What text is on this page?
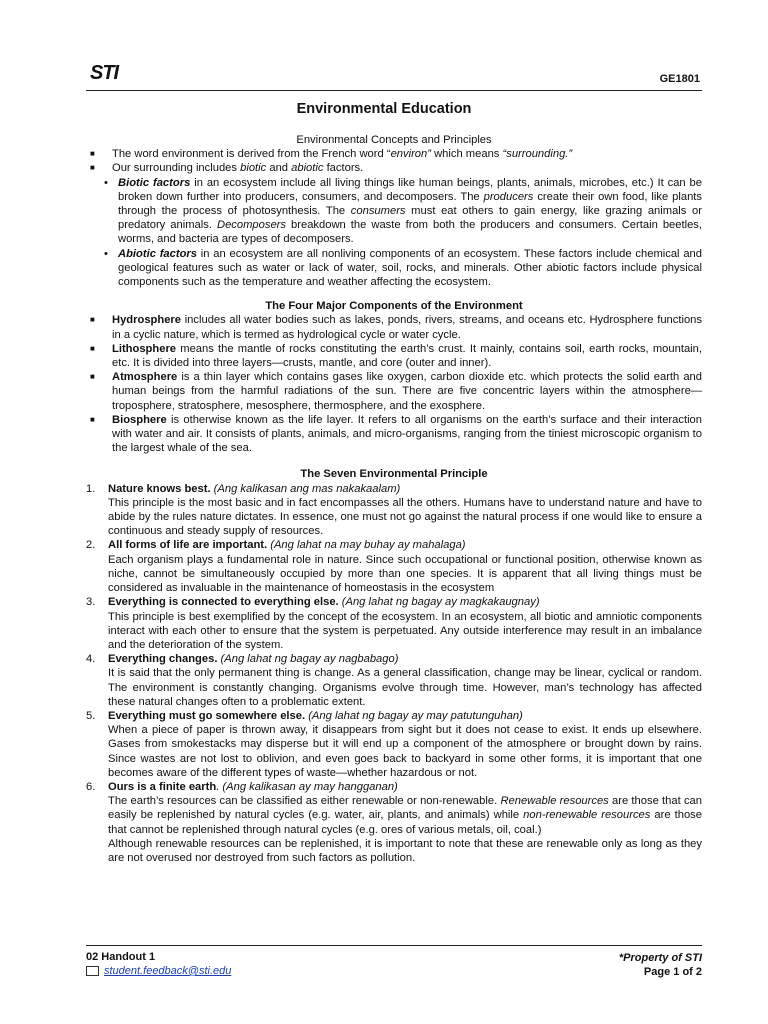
STI	GE1801
Environmental Education

Environmental Concepts and Principles

■	The word environment is derived from the French word “environ” which means “surrounding.”
■	Our surrounding includes biotic and abiotic factors.
• Biotic factors in an ecosystem include all living things like human beings, plants, animals, microbes, etc.) It can be broken down further into producers, consumers, and decomposers. The producers create their own food, like plants through the process of photosynthesis. The consumers must eat others to gain energy, like grazing animals or predatory animals. Decomposers breakdown the waste from both the producers and consumers. Certain beetles, worms, and bacteria are types of decomposers.
• Abiotic factors in an ecosystem are all nonliving components of an ecosystem. These factors include chemical and geological features such as water or lack of water, soil, rocks, and minerals. Other abiotic factors include physical components such as the temperature and weather affecting the ecosystem.

The Four Major Components of the Environment

■	Hydrosphere includes all water bodies such as lakes, ponds, rivers, streams, and oceans etc. Hydrosphere functions in a cyclic nature, which is termed as hydrological cycle or water cycle.
■	Lithosphere means the mantle of rocks constituting the earth’s crust. It mainly, contains soil, earth rocks, mountain, etc. It is divided into three layers—crusts, mantle, and core (outer and inner).
■	Atmosphere is a thin layer which contains gases like oxygen, carbon dioxide etc. which protects the solid earth and human beings from the harmful radiations of the sun. There are five concentric layers within the atmosphere—troposphere, stratosphere, mesosphere, thermosphere, and the exosphere.
■	Biosphere is otherwise known as the life layer. It refers to all organisms on the earth’s surface and their interaction with water and air. It consists of plants, animals, and micro-organisms, ranging from the tiniest microscopic organism to the largest whale of the sea.

The Seven Environmental Principle

1.	Nature knows best. (Ang kalikasan ang mas nakakaalam)
This principle is the most basic and in fact encompasses all the others. Humans have to understand nature and have to abide by the rules nature dictates. In essence, one must not go against the natural process if one would like to ensure a continuous and steady supply of resources.
2.	All forms of life are important. (Ang lahat na may buhay ay mahalaga)
Each organism plays a fundamental role in nature. Since such occupational or functional position, otherwise known as niche, cannot be simultaneously occupied by more than one species. It is apparent that all living things must be considered as invaluable in the maintenance of homeostasis in the ecosystem
3.	Everything is connected to everything else. (Ang lahat ng bagay ay magkakaugnay)
This principle is best exemplified by the concept of the ecosystem. In an ecosystem, all biotic and amniotic components interact with each other to ensure that the system is perpetuated. Any outside interference may result in an imbalance and the deterioration of the system.
4.	Everything changes. (Ang lahat ng bagay ay nagbabago)
It is said that the only permanent thing is change. As a general classification, change may be linear, cyclical or random. The environment is constantly changing. Organisms evolve through time. However, man’s technology has affected these natural changes often to a problematic extent.
5.	Everything must go somewhere else. (Ang lahat ng bagay ay may patutunguhan)
When a piece of paper is thrown away, it disappears from sight but it does not cease to exist. It ends up elsewhere. Gases from smokestacks may disperse but it will end up a component of the atmosphere or brought down by rains. Since wastes are not lost to oblivion, and even goes back to backyard in some other forms, it is important that one becomes aware of the different types of waste—whether hazardous or not.
6.	Ours is a finite earth. (Ang kalikasan ay may hangganan)
The earth’s resources can be classified as either renewable or non-renewable. Renewable resources are those that can easily be replenished by natural cycles (e.g. water, air, plants, and animals) while non-renewable resources are those that cannot be replenished through natural cycles (e.g. ores of various metals, oil, coal.)
Although renewable resources can be replenished, it is important to note that these are renewable only as long as they are not overused nor destroyed from such factors as pollution.
02 Handout 1
student.feedback@sti.edu
*Property of STI
Page 1 of 2
